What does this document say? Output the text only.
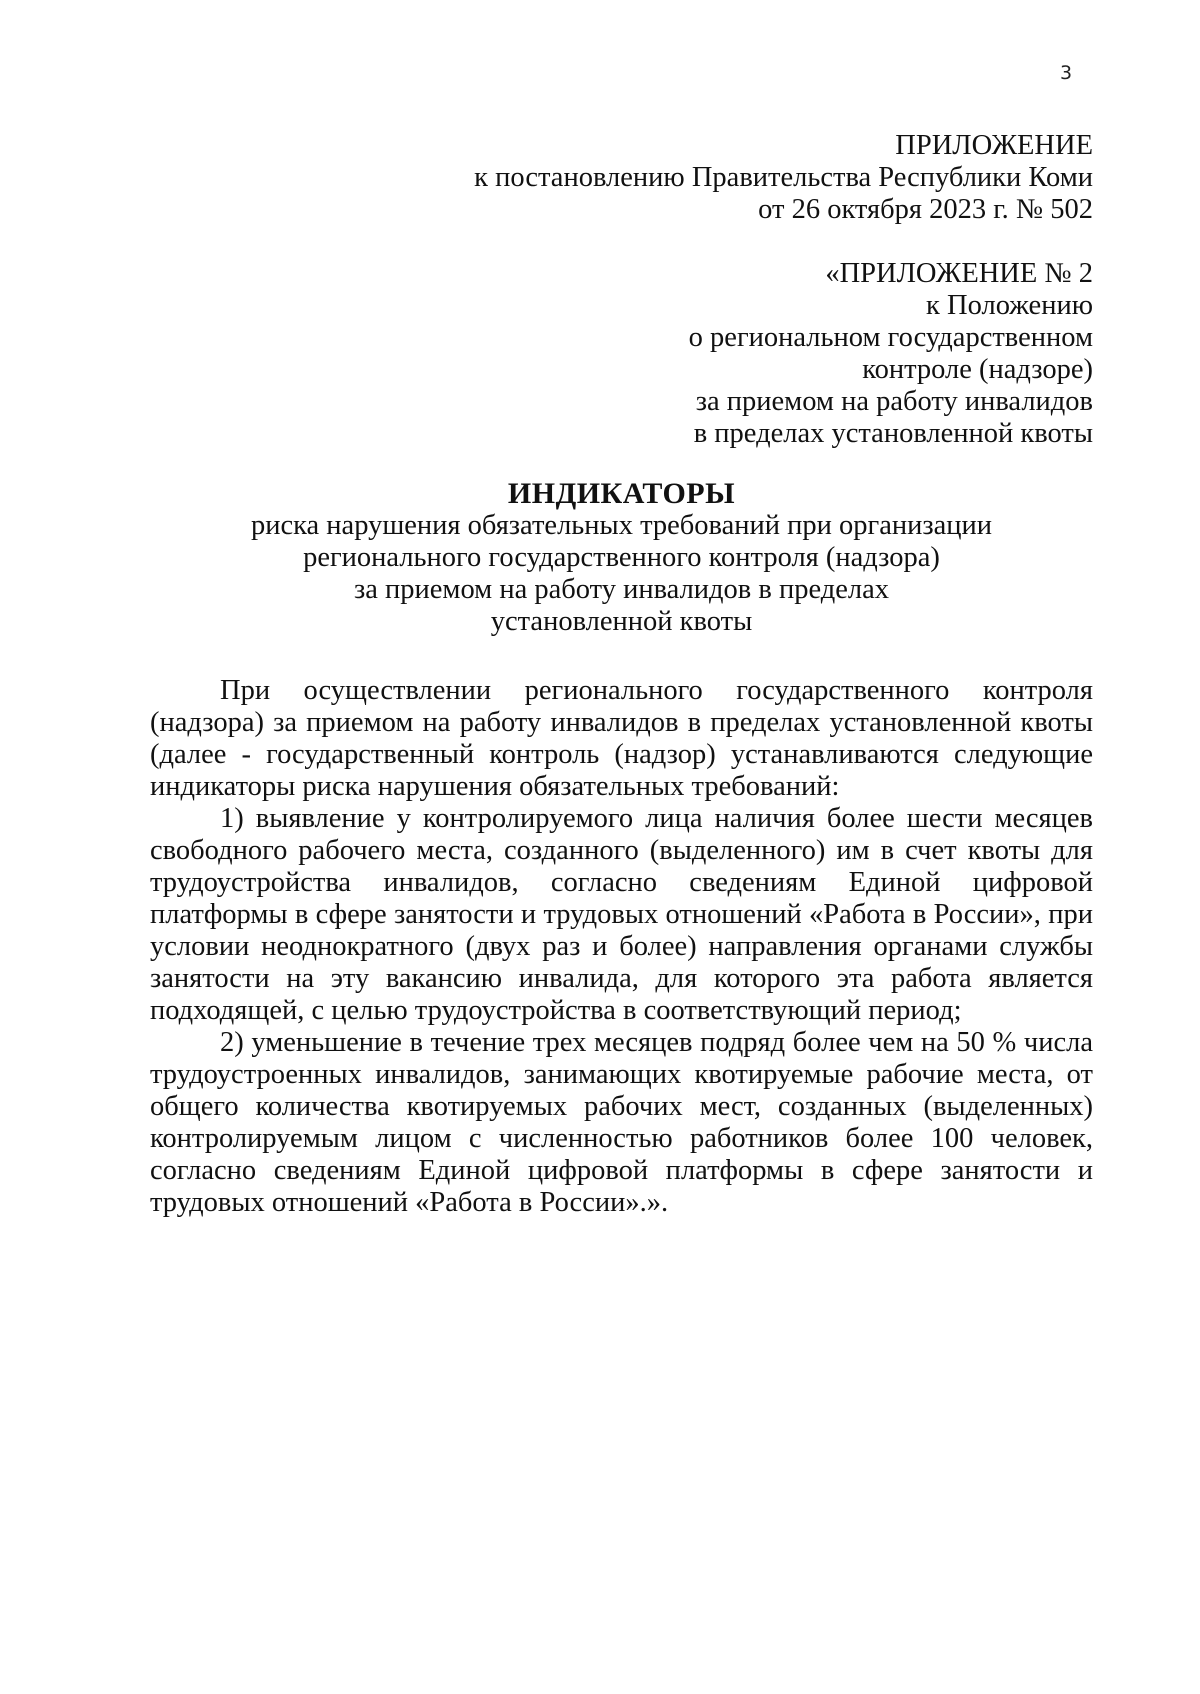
3
ПРИЛОЖЕНИЕ
к постановлению Правительства Республики Коми
от 26 октября 2023 г. № 502
«ПРИЛОЖЕНИЕ № 2
к Положению
о региональном государственном
контроле (надзоре)
за приемом на работу инвалидов
в пределах установленной квоты
ИНДИКАТОРЫ
риска нарушения обязательных требований при организации
регионального государственного контроля (надзора)
за приемом на работу инвалидов в пределах
установленной квоты

При осуществлении регионального государственного контроля (надзора) за приемом на работу инвалидов в пределах установленной квоты (далее - государственный контроль (надзор) устанавливаются следующие индикаторы риска нарушения обязательных требований:

1) выявление у контролируемого лица наличия более шести месяцев свободного рабочего места, созданного (выделенного) им в счет квоты для трудоустройства инвалидов, согласно сведениям Единой цифровой платформы в сфере занятости и трудовых отношений «Работа в России», при условии неоднократного (двух раз и более) направления органами службы занятости на эту вакансию инвалида, для которого эта работа является подходящей, с целью трудоустройства в соответствующий период;

2) уменьшение в течение трех месяцев подряд более чем на 50 % числа трудоустроенных инвалидов, занимающих квотируемые рабочие места, от общего количества квотируемых рабочих мест, созданных (выделенных) контролируемым лицом с численностью работников более 100 человек, согласно сведениям Единой цифровой платформы в сфере занятости и трудовых отношений «Работа в России».».
